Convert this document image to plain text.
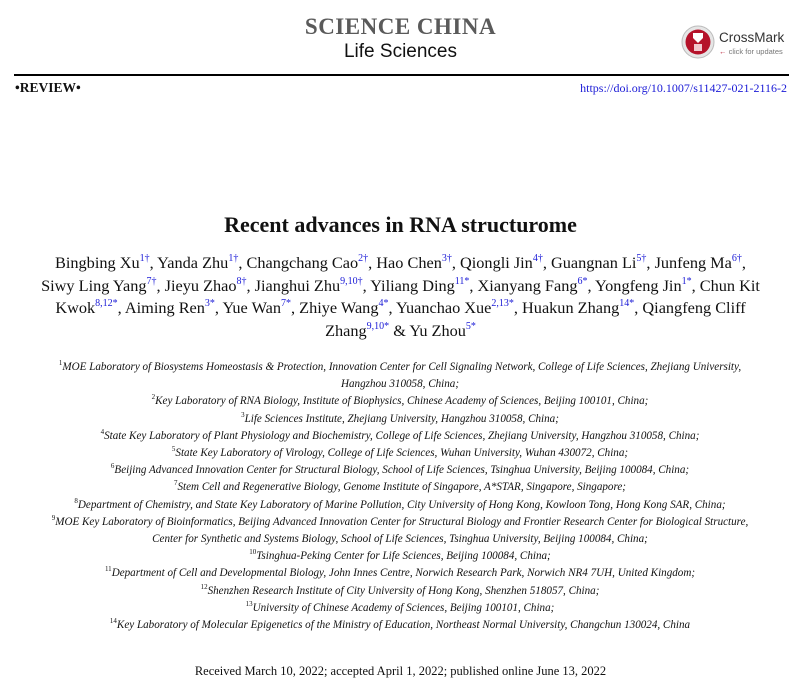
SCIENCE CHINA
Life Sciences
CrossMark
← click for updates
•REVIEW•	https://doi.org/10.1007/s11427-021-2116-2
Recent advances in RNA structurome
Bingbing $Xu^{1\dagger}$, Yanda Zhu$^{1\dagger}$, Changchang Cao$^{2\dagger}$, Hao Chen$^{3\dagger}$, Qiongli Jin$^{4\dagger}$, Guangnan $Li^{5\dagger}$, Junfeng $Ma^{6\dagger}$, Siwy Ling Yang$^{7\dagger}$, Jieyu Zhao$^{8\dagger}$, Jianghui Zhu$^{9,10\dagger}$, Yiliang Ding$^{11*}$, Xianyang Fang$^{6*}$, Yongfeng Jin$^{1*}$, Chun Kit Kwok$^{8,12*}$, Aiming Ren$^{3*}$, Yue Wan$^{7*}$, Zhiye Wang$^{4*}$, Yuanchao Xue$^{2,13*}$, Huakun Zhang$^{14*}$, Qiangfeng Cliff Zhang$^{9,10*}$ & Yu Zhou$^{5*}$
$^1$MOE Laboratory of Biosystems Homeostasis & Protection, Innovation Center for Cell Signaling Network, College of Life Sciences, Zhejiang University, Hangzhou 310058, China;
$^2$Key Laboratory of RNA Biology, Institute of Biophysics, Chinese Academy of Sciences, Beijing 100101, China;
$^3$Life Sciences Institute, Zhejiang University, Hangzhou 310058, China;
$^4$State Key Laboratory of Plant Physiology and Biochemistry, College of Life Sciences, Zhejiang University, Hangzhou 310058, China;
$^5$State Key Laboratory of Virology, College of Life Sciences, Wuhan University, Wuhan 430072, China;
$^6$Beijing Advanced Innovation Center for Structural Biology, School of Life Sciences, Tsinghua University, Beijing 100084, China;
$^7$Stem Cell and Regenerative Biology, Genome Institute of Singapore, A*STAR, Singapore, Singapore;
$^8$Department of Chemistry, and State Key Laboratory of Marine Pollution, City University of Hong Kong, Kowloon Tong, Hong Kong SAR, China;
$^9$MOE Key Laboratory of Bioinformatics, Beijing Advanced Innovation Center for Structural Biology and Frontier Research Center for Biological Structure, Center for Synthetic and Systems Biology, School of Life Sciences, Tsinghua University, Beijing 100084, China;
$^{10}$Tsinghua-Peking Center for Life Sciences, Beijing 100084, China;
$^{11}$Department of Cell and Developmental Biology, John Innes Centre, Norwich Research Park, Norwich NR4 7UH, United Kingdom;
$^{12}$Shenzhen Research Institute of City University of Hong Kong, Shenzhen 518057, China;
$^{13}$University of Chinese Academy of Sciences, Beijing 100101, China;
$^{14}$Key Laboratory of Molecular Epigenetics of the Ministry of Education, Northeast Normal University, Changchun 130024, China
Received March 10, 2022; accepted April 1, 2022; published online June 13, 2022
